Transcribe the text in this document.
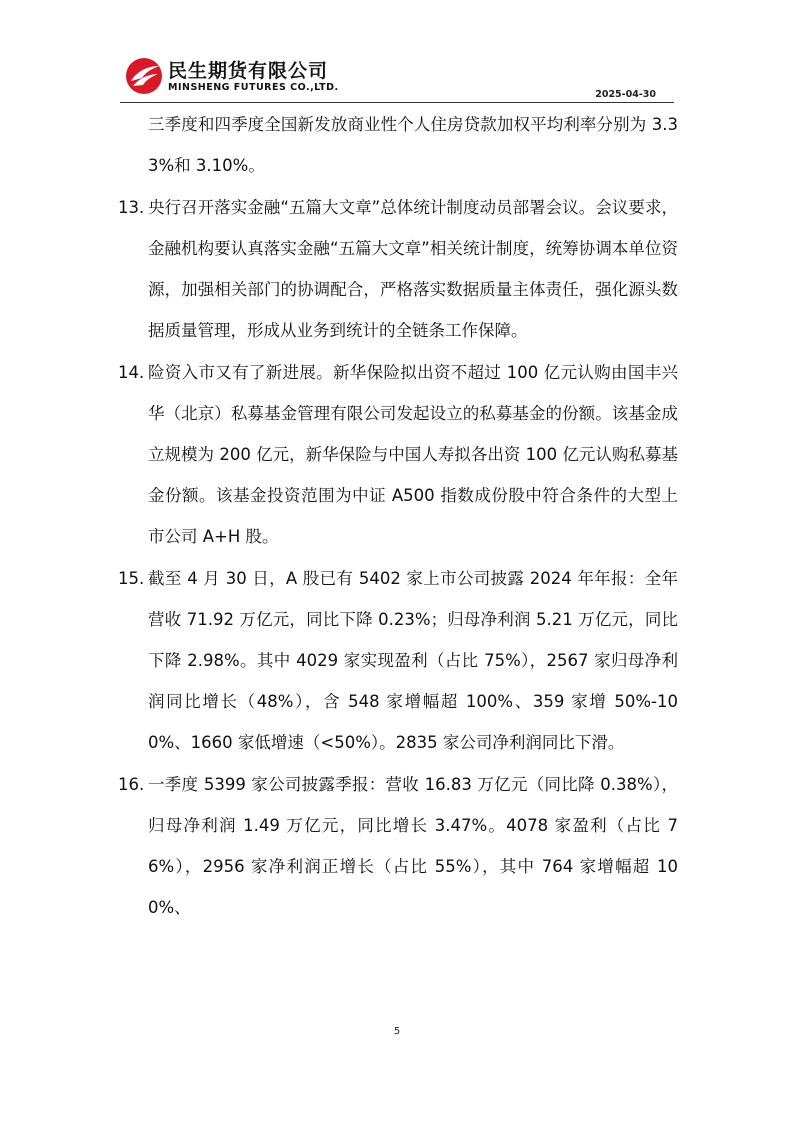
民生期货有限公司
MINSHENG FUTURES CO.,LTD.
2025-04-30

三季度和四季度全国新发放商业性个人住房贷款加权平均利率分别为 3.33%和 3.10%。

13. 央行召开落实金融“五篇大文章”总体统计制度动员部署会议。会议要求，金融机构要认真落实金融“五篇大文章”相关统计制度，统筹协调本单位资源，加强相关部门的协调配合，严格落实数据质量主体责任，强化源头数据质量管理，形成从业务到统计的全链条工作保障。
14. 险资入市又有了新进展。新华保险拟出资不超过 100 亿元认购由国丰兴华（北京）私募基金管理有限公司发起设立的私募基金的份额。该基金成立规模为 200 亿元，新华保险与中国人寿拟各出资 100 亿元认购私募基金份额。该基金投资范围为中证 A500 指数成份股中符合条件的大型上市公司 A+H 股。
15. 截至 4 月 30 日，A 股已有 5402 家上市公司披露 2024 年年报：全年营收 71.92 万亿元，同比下降 0.23%；归母净利润 5.21 万亿元，同比下降 2.98%。其中 4029 家实现盈利（占比 75%），2567 家归母净利润同比增长（48%），含 548 家增幅超 100%、359 家增 50%-100%、1660 家低增速（<50%）。2835 家公司净利润同比下滑。
16. 一季度 5399 家公司披露季报：营收 16.83 万亿元（同比降 0.38%），归母净利润 1.49 万亿元，同比增长 3.47%。4078 家盈利（占比 76%），2956 家净利润正增长（占比 55%），其中 764 家增幅超 100%、
5
